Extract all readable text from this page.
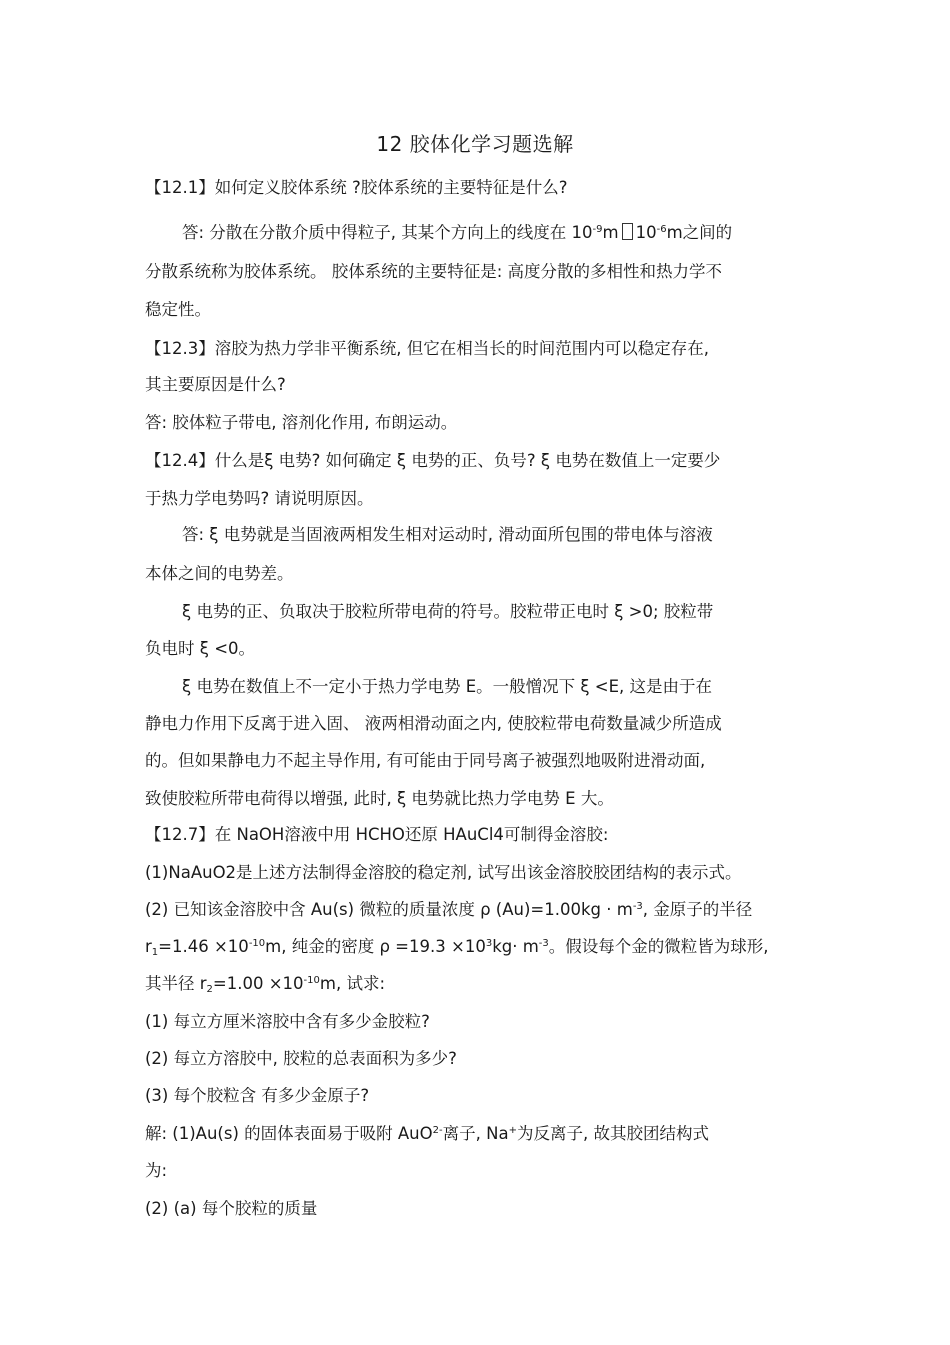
12 胶体化学习题选解
【12.1】如何定义胶体系统 ?胶体系统的主要特征是什么?
答: 分散在分散介质中得粒子, 其某个方向上的线度在 $10^{-9}m$ $10^{-6}m$之间的
分散系统称为胶体系统。 胶体系统的主要特征是: 高度分散的多相性和热力学不
稳定性。
【12.3】溶胶为热力学非平衡系统, 但它在相当长的时间范围内可以稳定存在,
其主要原因是什么?
答: 胶体粒子带电, 溶剂化作用, 布朗运动。
【12.4】什么是ξ 电势? 如何确定 ξ 电势的正、负号? ξ 电势在数值上一定要少
于热力学电势吗? 请说明原因。
答: ξ 电势就是当固液两相发生相对运动时, 滑动面所包围的带电体与溶液
本体之间的电势差。
ξ 电势的正、负取决于胶粒所带电荷的符号。胶粒带正电时 ξ >0; 胶粒带
负电时 ξ <0。
ξ 电势在数值上不一定小于热力学电势 E。一般憎况下 ξ <E, 这是由于在
静电力作用下反离于进入固、 液两相滑动面之内, 使胶粒带电荷数量减少所造成
的。但如果静电力不起主导作用, 有可能由于同号离子被强烈地吸附进滑动面,
致使胶粒所带电荷得以增强, 此时, ξ 电势就比热力学电势 E 大。
【12.7】在 NaOH溶液中用 HCHO还原 HAuCl4可制得金溶胶:
(1)NaAuO2是上述方法制得金溶胶的稳定剂, 试写出该金溶胶胶团结构的表示式。
(2) 已知该金溶胶中含 Au(s) 微粒的质量浓度 ρ $(Au)=1.00kg \cdot m^{-3}$, 金原子的半径
$r_1=1.46 \times 10^{-10}m$, 纯金的密度 $\rho =19.3 \times 10^3kg\cdot m^{-3}$。假设每个金的微粒皆为球形,
其半径 $r_2=1.00 \times 10^{-10}m$, 试求:
(1) 每立方厘米溶胶中含有多少金胶粒?
(2) 每立方溶胶中, 胶粒的总表面积为多少?
(3) 每个胶粒含 有多少金原子?
解: (1)Au(s) 的固体表面易于吸附 AuO$^{2-}$离子, Na+为反离子, 故其胶团结构式
为:
(2) (a) 每个胶粒的质量
